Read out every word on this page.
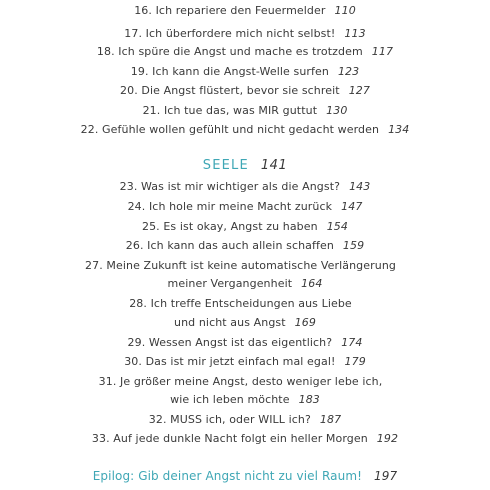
16. Ich repariere den Feuermelder 110
17. Ich überfordere mich nicht selbst! 113
18. Ich spüre die Angst und mache es trotzdem 117
19. Ich kann die Angst-Welle surfen 123
20. Die Angst flüstert, bevor sie schreit 127
21. Ich tue das, was MIR guttut 130
22. Gefühle wollen gefühlt und nicht gedacht werden 134
SEELE 141
23. Was ist mir wichtiger als die Angst? 143
24. Ich hole mir meine Macht zurück 147
25. Es ist okay, Angst zu haben 154
26. Ich kann das auch allein schaffen 159
27. Meine Zukunft ist keine automatische Verlängerung
meiner Vergangenheit 164
28. Ich treffe Entscheidungen aus Liebe
und nicht aus Angst 169
29. Wessen Angst ist das eigentlich? 174
30. Das ist mir jetzt einfach mal egal! 179
31. Je größer meine Angst, desto weniger lebe ich,
wie ich leben möchte 183
32. MUSS ich, oder WILL ich? 187
33. Auf jede dunkle Nacht folgt ein heller Morgen 192
Epilog: Gib deiner Angst nicht zu viel Raum! 197
